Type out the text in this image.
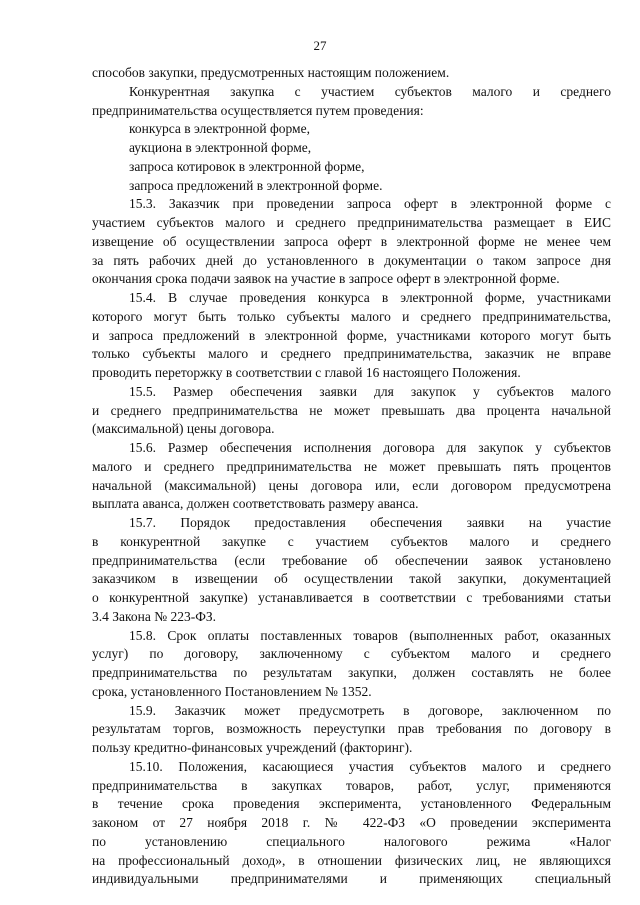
27
способов закупки, предусмотренных настоящим положением.
Конкурентная закупка с участием субъектов малого и среднего
предпринимательства осуществляется путем проведения:
конкурса в электронной форме,
аукциона в электронной форме,
запроса котировок в электронной форме,
запроса предложений в электронной форме.
15.3. Заказчик при проведении запроса оферт в электронной форме с
участием субъектов малого и среднего предпринимательства размещает в ЕИС
извещение об осуществлении запроса оферт в электронной форме не менее чем
за пять рабочих дней до установленного в документации о таком запросе дня
окончания срока подачи заявок на участие в запросе оферт в электронной форме.
15.4. В случае проведения конкурса в электронной форме, участниками
которого могут быть только субъекты малого и среднего предпринимательства,
и запроса предложений в электронной форме, участниками которого могут быть
только субъекты малого и среднего предпринимательства, заказчик не вправе
проводить переторжку в соответствии с главой 16 настоящего Положения.
15.5. Размер обеспечения заявки для закупок у субъектов малого
и среднего предпринимательства не может превышать два процента начальной
(максимальной) цены договора.
15.6. Размер обеспечения исполнения договора для закупок у субъектов
малого и среднего предпринимательства не может превышать пять процентов
начальной (максимальной) цены договора или, если договором предусмотрена
выплата аванса, должен соответствовать размеру аванса.
15.7. Порядок предоставления обеспечения заявки на участие
в конкурентной закупке с участием субъектов малого и среднего
предпринимательства (если требование об обеспечении заявок установлено
заказчиком в извещении об осуществлении такой закупки, документацией
о конкурентной закупке) устанавливается в соответствии с требованиями статьи
3.4 Закона № 223-ФЗ.
15.8. Срок оплаты поставленных товаров (выполненных работ, оказанных
услуг) по договору, заключенному с субъектом малого и среднего
предпринимательства по результатам закупки, должен составлять не более
срока, установленного Постановлением № 1352.
15.9. Заказчик может предусмотреть в договоре, заключенном по
результатам торгов, возможность переуступки прав требования по договору в
пользу кредитно-финансовых учреждений (факторинг).
15.10. Положения, касающиеся участия субъектов малого и среднего
предпринимательства в закупках товаров, работ, услуг, применяются
в течение срока проведения эксперимента, установленного Федеральным
законом от 27 ноября 2018 г. № 422-ФЗ «О проведении эксперимента
по установлению специального налогового режима «Налог
на профессиональный доход», в отношении физических лиц, не являющихся
индивидуальными предпринимателями и применяющих специальный
